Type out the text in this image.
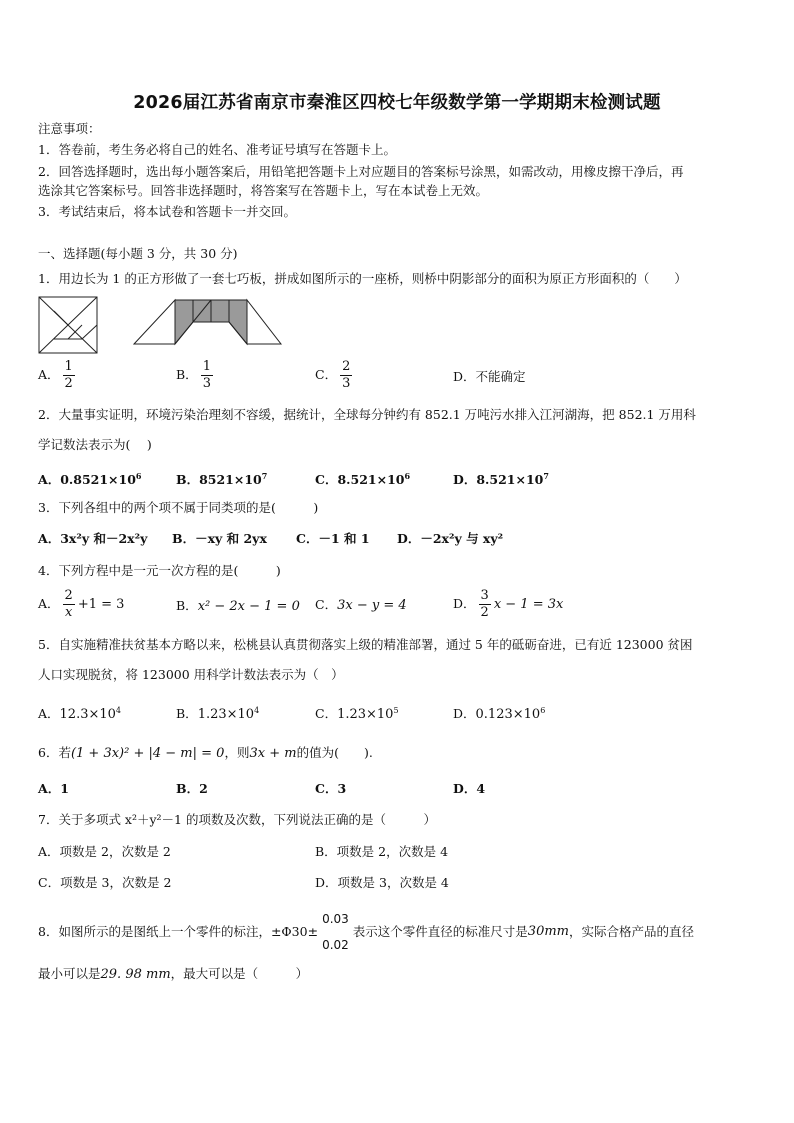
2026届江苏省南京市秦淮区四校七年级数学第一学期期末检测试题
注意事项：
1．答卷前，考生务必将自己的姓名、准考证号填写在答题卡上。
2．回答选择题时，选出每小题答案后，用铅笔把答题卡上对应题目的答案标号涂黑，如需改动，用橡皮擦干净后，再
选涂其它答案标号。回答非选择题时，将答案写在答题卡上，写在本试卷上无效。
3．考试结束后，将本试卷和答题卡一并交回。
一、选择题(每小题 3 分，共 30 分)
1．用边长为 1 的正方形做了一套七巧板，拼成如图所示的一座桥，则桥中阴影部分的面积为原正方形面积的（　　）
A． $\frac{1}{2}$	B． $\frac{1}{3}$	C． $\frac{2}{3}$	D．不能确定
2．大量事实证明，环境污染治理刻不容缓，据统计，全球每分钟约有 852.1 万吨污水排入江河湖海，把 852.1 万用科
学记数法表示为(　 )
A．$0.8521\times 10^6$	B．$8521\times 10^7$	C．$8.521\times 10^6$	D．$8.521\times 10^7$
3．下列各组中的两个项不属于同类项的是(　　　)
A．3x²y 和－2x²y B．－xy 和 2yx C．－1 和 1 D．－2x²y 与 xy²
4．下列方程中是一元一次方程的是(　　　)
A． $\frac{2}{x} +1 = 3$	B．x² − 2x − 1 = 0 C．3x − y = 4	D． $\frac{3}{2}$ x − 1 = 3x
5．自实施精准扶贫基本方略以来，松桃县认真贯彻落实上级的精准部署，通过 5 年的砥砺奋进，已有近 123000 贫困
人口实现脱贫，将 123000 用科学计数法表示为（　）
A．$12.3\times 10^4$	B．$1.23\times 10^4$	C．$1.23\times 10^5$	D．$0.123\times 10^6$
6．若(1 + 3x)² + |4 − m| = 0，则3x + m的值为(　　).
A．1	B．2	C．3	D．4
7．关于多项式 x²＋y²－1 的项数及次数，下列说法正确的是（　　　）
A．项数是 2，次数是 2	B．项数是 2，次数是 4
C．项数是 3，次数是 2	D．项数是 3，次数是 4
8．如图所示的是图纸上一个零件的标注，±Φ30±
0.03
0.02
表示这个零件直径的标准尺寸是30mm，实际合格产品的直径
最小可以是29. 98 mm，最大可以是（　　　）
